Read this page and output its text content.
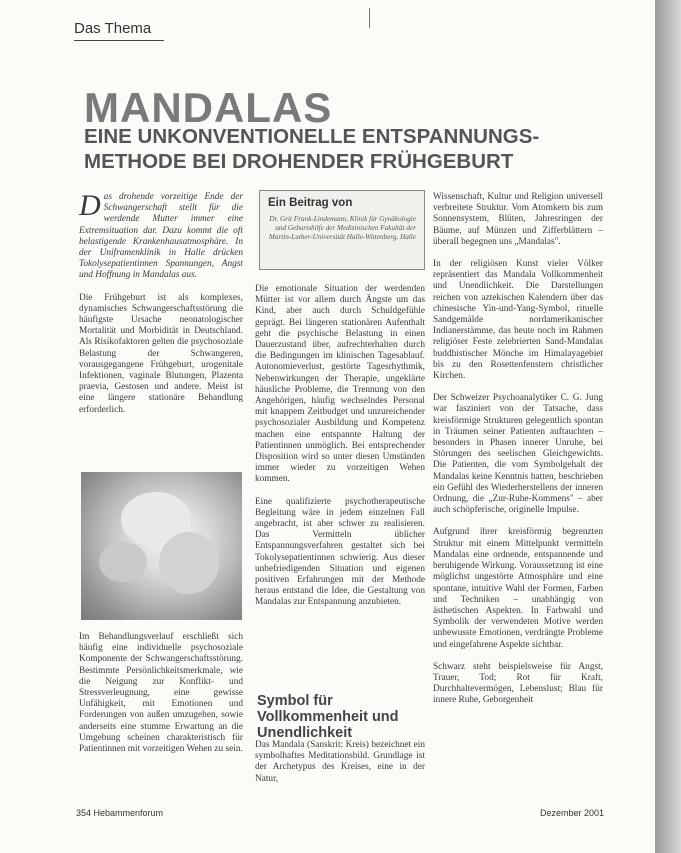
Das Thema
MANDALAS
EINE UNKONVENTIONELLE ENTSPANNUNGS-METHODE BEI DROHENDER FRÜHGEBURT

Das drohende vorzeitige Ende der Schwangerschaft stellt für die werdende Mutter immer eine Extremsituation dar. Dazu kommt die oft belastigende Krankenhausatmosphäre. In der Uniframenklinik in Halle drücken Tokolysepatientinnen Spannungen, Angst und Hoffnung in Mandalas aus.

Die Frühgeburt ist als komplexes, dynamisches Schwangerschaftsstörung die häufigste Ursache neonatologischer Mortalität und Morbidität in Deutschland. Als Risikofaktoren gelten die psychosoziale Belastung der Schwangeren, vorausgegangene Frühgeburt, urogenitale Infektionen, vaginale Blutungen, Plazenta praevia, Gestosen und andere. Meist ist eine längere stationäre Behandlung erforderlich.

Im Behandlungsverlauf erschließt sich häufig eine individuelle psychosoziale Komponente der Schwangerschaftsstörung. Bestimmte Persönlichkeitsmerkmale, wie die Neigung zur Konflikt- und Stressverleugnung, eine gewisse Unfähigkeit, mit Emotionen und Forderungen von außen umzugehen, sowie anderseits eine stumme Erwartung an die Umgebung scheinen charakteristisch für Patientinnen mit vorzeitigen Wehen zu sein.

Ein Beitrag von
Dr. Grit Frank-Lindemann, Klinik für Gynäkologie und Geburtshilfe der Medizinischen Fakultät der Martin-Luther-Universität Halle-Wittenberg, Halle

Die emotionale Situation der werdenden Mütter ist vor allem durch Ängste um das Kind, aber auch durch Schuldgefühle geprägt. Bei längeren stationären Aufenthalt geht die psychische Belastung in einen Dauerzustand über, aufrechterhalten durch die Bedingungen im klinischen Tagesablauf. Autonomieverlust, gestörte Tagesrhythmik, Nebenwirkungen der Therapie, ungeklärte häusliche Probleme, die Trennung von den Angehörigen, häufig wechselndes Personal mit knappem Zeitbudget und unzureichender psychosozialer Ausbildung und Kompetenz machen eine entspannte Haltung der Patientinnen unmöglich. Bei entsprechender Disposition wird so unter diesen Umständen immer wieder zu vorzeitigen Wehen kommen.

Eine qualifizierte psychotherapeutische Begleitung wäre in jedem einzelnen Fall angebracht, ist aber schwer zu realisieren. Das Vermitteln üblicher Entspannungsverfahren gestaltet sich bei Tokolysepatientinnen schwierig. Aus dieser unbefriedigenden Situation und eigenen positiven Erfahrungen mit der Methode heraus entstand die Idee, die Gestaltung von Mandalas zur Entspannung anzubieten.

Symbol für Vollkommenheit und Unendlichkeit

Das Mandala (Sanskrit: Kreis) bezeichnet ein symbolhaftes Meditationsbild. Grundlage ist der Archetypus des Kreises, eine in der Natur,

Wissenschaft, Kultur und Religion universell verbreitete Struktur. Vom Atomkern bis zum Sonnensystem, Blüten, Jahresringen der Bäume, auf Münzen und Zifferblättern – überall begegnen uns „Mandalas".

In der religiösen Kunst vieler Völker repräsentiert das Mandala Vollkommenheit und Unendlichkeit. Die Darstellungen reichen von aztekischen Kalendern über das chinesische Yin-und-Yang-Symbol, rituelle Sandgemälde nordamerikanischer Indianerstämme, das heute noch im Rahmen religiöser Feste zelebrierten Sand-Mandalas buddhistischer Mönche im Himalayagebiet bis zu den Rosettenfenstern christlicher Kirchen.

Der Schweizer Psychoanalytiker C. G. Jung war fasziniert von der Tatsache, dass kreisförmige Strukturen gelegentlich spontan in Träumen seiner Patienten auftauchten – besonders in Phasen innerer Unruhe, bei Störungen des seelischen Gleichgewichts. Die Patienten, die vom Symbolgehalt der Mandalas keine Kenntnis hatten, beschrieben ein Gefühl des Wiederherstellens der inneren Ordnung, die „Zur-Ruhe-Kommens" – aber auch schöpferische, originelle Impulse.

Aufgrund ihrer kreisförmig begrenzten Struktur mit einem Mittelpunkt vermitteln Mandalas eine ordnende, entspannende und beruhigende Wirkung. Voraussetzung ist eine möglichst ungestörte Atmosphäre und eine spontane, intuitive Wahl der Formen, Farben und Techniken – unabhängig von ästhetischen Aspekten. In Farbwahl und Symbolik der verwendeten Motive werden unbewusste Emotionen, verdrängte Probleme und eingefahrene Aspekte sichtbar.

Schwarz steht beispielsweise für Angst, Trauer, Tod; Rot für Kraft, Durchhaltevermögen, Lebenslust; Blau für innere Ruhe, Geborgenheit

354 Hebammenforum	Dezember 2001
